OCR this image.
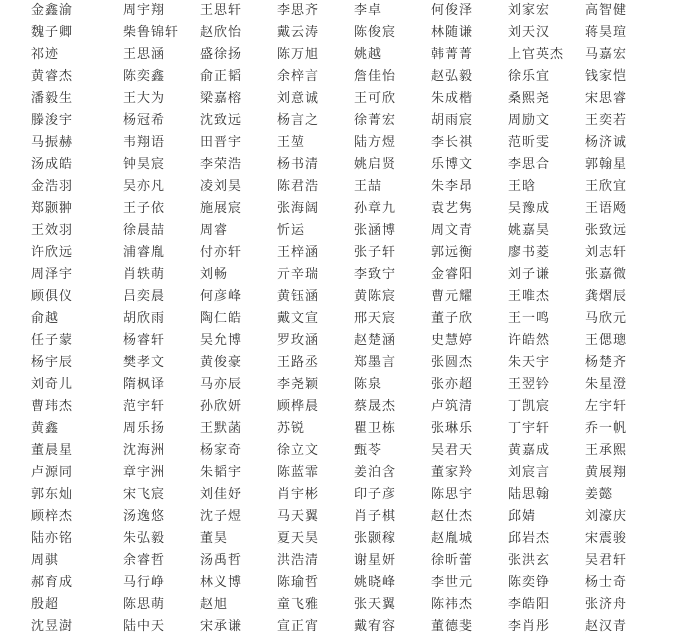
金鑫渝	周宇翔	王思轩	李思齐	李卓	何俊泽	刘家宏	高智健
魏子卿	柴鲁锦轩	赵欣怡	戴云涛	陈俊宸	林随谦	刘天汉	蒋昊瑄
祁迹	王思涵	盛徐扬	陈万旭	姚越	韩菁菁	上官英杰	马嘉宏
黄睿杰	陈奕鑫	俞正韬	余梓言	詹佳怡	赵弘毅	徐乐宜	钱家恺
潘毅生	王大为	梁嘉榕	刘意诚	王可欣	朱成楷	桑熙尧	宋思睿
滕浚宇	杨冠希	沈致远	杨言之	徐菁宏	胡雨宸	周励文	王奕若
马振赫	韦翔语	田晋宇	王堃	陆方煜	李长祺	范昕雯	杨济诚
汤成皓	钟昊宸	李荣浩	杨书清	姚启贤	乐博文	李思合	郭翰星
金浩羽	吴亦凡	凌刘昊	陈君浩	王喆	朱李昂	王晗	王欣宜
郑颢翀	王子依	施展宸	张海阔	孙章九	袁艺隽	吴豫成	王语飏
王效羽	徐晨喆	周睿	忻运	张涵博	周文青	姚嘉昊	张致远
许欣远	浦睿胤	付亦轩	王梓涵	张子轩	郭远衡	廖书菱	刘志轩
周泽宇	肖轶萌	刘畅	亓辛瑞	李致宁	金睿阳	刘子谦	张嘉微
顾俱仪	吕奕晨	何彦峰	黄钰涵	黄陈宸	曹元耀	王唯杰	龚熠辰
俞越	胡欣雨	陶仁皓	戴文宣	邢天宸	董子欣	王一鸣	马欣元
任子蒙	杨睿轩	吴允博	罗玫涵	赵楚涵	史慧婷	许皓然	王偲璁
杨宇辰	樊孝文	黄俊豪	王路丞	郑墨言	张圆杰	朱天宇	杨楚齐
刘奇儿	隋枫译	马亦辰	李尧颖	陈泉	张亦超	王翌钤	朱星澄
曹玮杰	范宇轩	孙欣妍	顾桦晨	蔡晟杰	卢筑清	丁凯宸	左宇轩
黄鑫	周乐扬	王默菡	苏锐	瞿卫栋	张琳乐	丁宇轩	乔一帆
董晨星	沈海洲	杨家奇	徐立文	甄苓	吴君天	黄嘉成	王承熙
卢源同	章宇洲	朱韬宇	陈蓝霏	姜泊含	董家羚	刘宸言	黄展翔
郭东灿	宋飞宸	刘佳妤	肖宇彬	印子彦	陈思宇	陆思翰	姜懿
顾梓杰	汤逸悠	沈子煜	马天翼	肖子棋	赵仕杰	邱婧	刘濠庆
陆亦铭	朱弘毅	董昊	夏天昊	张颢稼	赵胤城	邱岩杰	宋震骏
周骐	余睿哲	汤禹哲	洪浩清	谢星妍	徐昕蕾	张洪玄	吴君轩
郝育成	马行峥	林义博	陈瑜哲	姚晓峰	李世元	陈奕铮	杨士奇
殷超	陈思萌	赵旭	童飞雅	张天翼	陈祎杰	李皓阳	张济舟
沈昱澍	陆中天	宋承谦	宣正宵	戴宥容	董德斐	李肖彤	赵汉青
